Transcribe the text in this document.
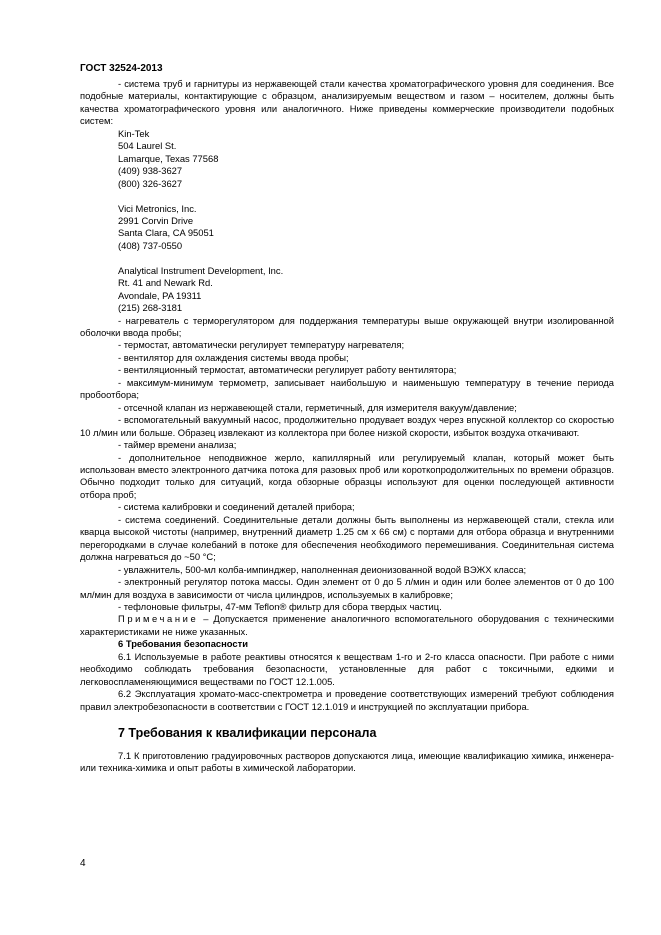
ГОСТ 32524-2013

- система труб и гарнитуры из нержавеющей стали качества хроматографического уровня для соединения. Все подобные материалы, контактирующие с образцом, анализируемым веществом и газом – носителем, должны быть качества хроматографического уровня или аналогичного. Ниже приведены коммерческие производители подобных систем:

Kin-Tek
504 Laurel St.
Lamarque, Texas 77568
(409) 938-3627
(800) 326-3627
Vici Metronics, Inc.
2991 Corvin Drive
Santa Clara, CA 95051
(408) 737-0550
Analytical Instrument Development, Inc.
Rt. 41 and Newark Rd.
Avondale, PA 19311
(215) 268-3181

- нагреватель с терморегулятором для поддержания температуры выше окружающей внутри изолированной оболочки ввода пробы;

- термостат, автоматически регулирует температуру нагревателя;

- вентилятор для охлаждения системы ввода пробы;

- вентиляционный термостат, автоматически регулирует работу вентилятора;

- максимум-минимум термометр, записывает наибольшую и наименьшую температуру в течение периода пробоотбора;

- отсечной клапан из нержавеющей стали, герметичный, для измерителя вакуум/давление;

- вспомогательный вакуумный насос, продолжительно продувает воздух через впускной коллектор со скоростью 10 л/мин или больше. Образец извлекают из коллектора при более низкой скорости, избыток воздуха откачивают.

- таймер времени анализа;

- дополнительное неподвижное жерло, капиллярный или регулируемый клапан, который может быть использован вместо электронного датчика потока для разовых проб или короткопродолжительных по времени образцов. Обычно подходит только для ситуаций, когда обзорные образцы используют для оценки последующей активности отбора проб;

- система калибровки и соединений деталей прибора;

- система соединений. Соединительные детали должны быть выполнены из нержавеющей стали, стекла или кварца высокой чистоты (например, внутренний диаметр 1.25 см х 66 см) с портами для отбора образца и внутренними перегородками в случае колебаний в потоке для обеспечения необходимого перемешивания. Соединительная система должна нагреваться до ~50 °С;

- увлажнитель, 500-мл колба-импинджер, наполненная деионизованной водой ВЭЖХ класса;

- электронный регулятор потока массы. Один элемент от 0 до 5 л/мин и один или более элементов от 0 до 100 мл/мин для воздуха в зависимости от числа цилиндров, используемых в калибровке;

- тефлоновые фильтры, 47-мм Teflon® фильтр для сбора твердых частиц.

Примечание – Допускается применение аналогичного вспомогательного оборудования с техническими характеристиками не ниже указанных.

6 Требования безопасности

6.1 Используемые в работе реактивы относятся к веществам 1-го и 2-го класса опасности. При работе с ними необходимо соблюдать требования безопасности, установленные для работ с токсичными, едкими и легковоспламеняющимися веществами по ГОСТ 12.1.005.

6.2 Эксплуатация хромато-масс-спектрометра и проведение соответствующих измерений требуют соблюдения правил электробезопасности в соответствии с ГОСТ 12.1.019 и инструкцией по эксплуатации прибора.

7 Требования к квалификации персонала

7.1 К приготовлению градуировочных растворов допускаются лица, имеющие квалификацию химика, инженера- или техника-химика и опыт работы в химической лаборатории.

4
